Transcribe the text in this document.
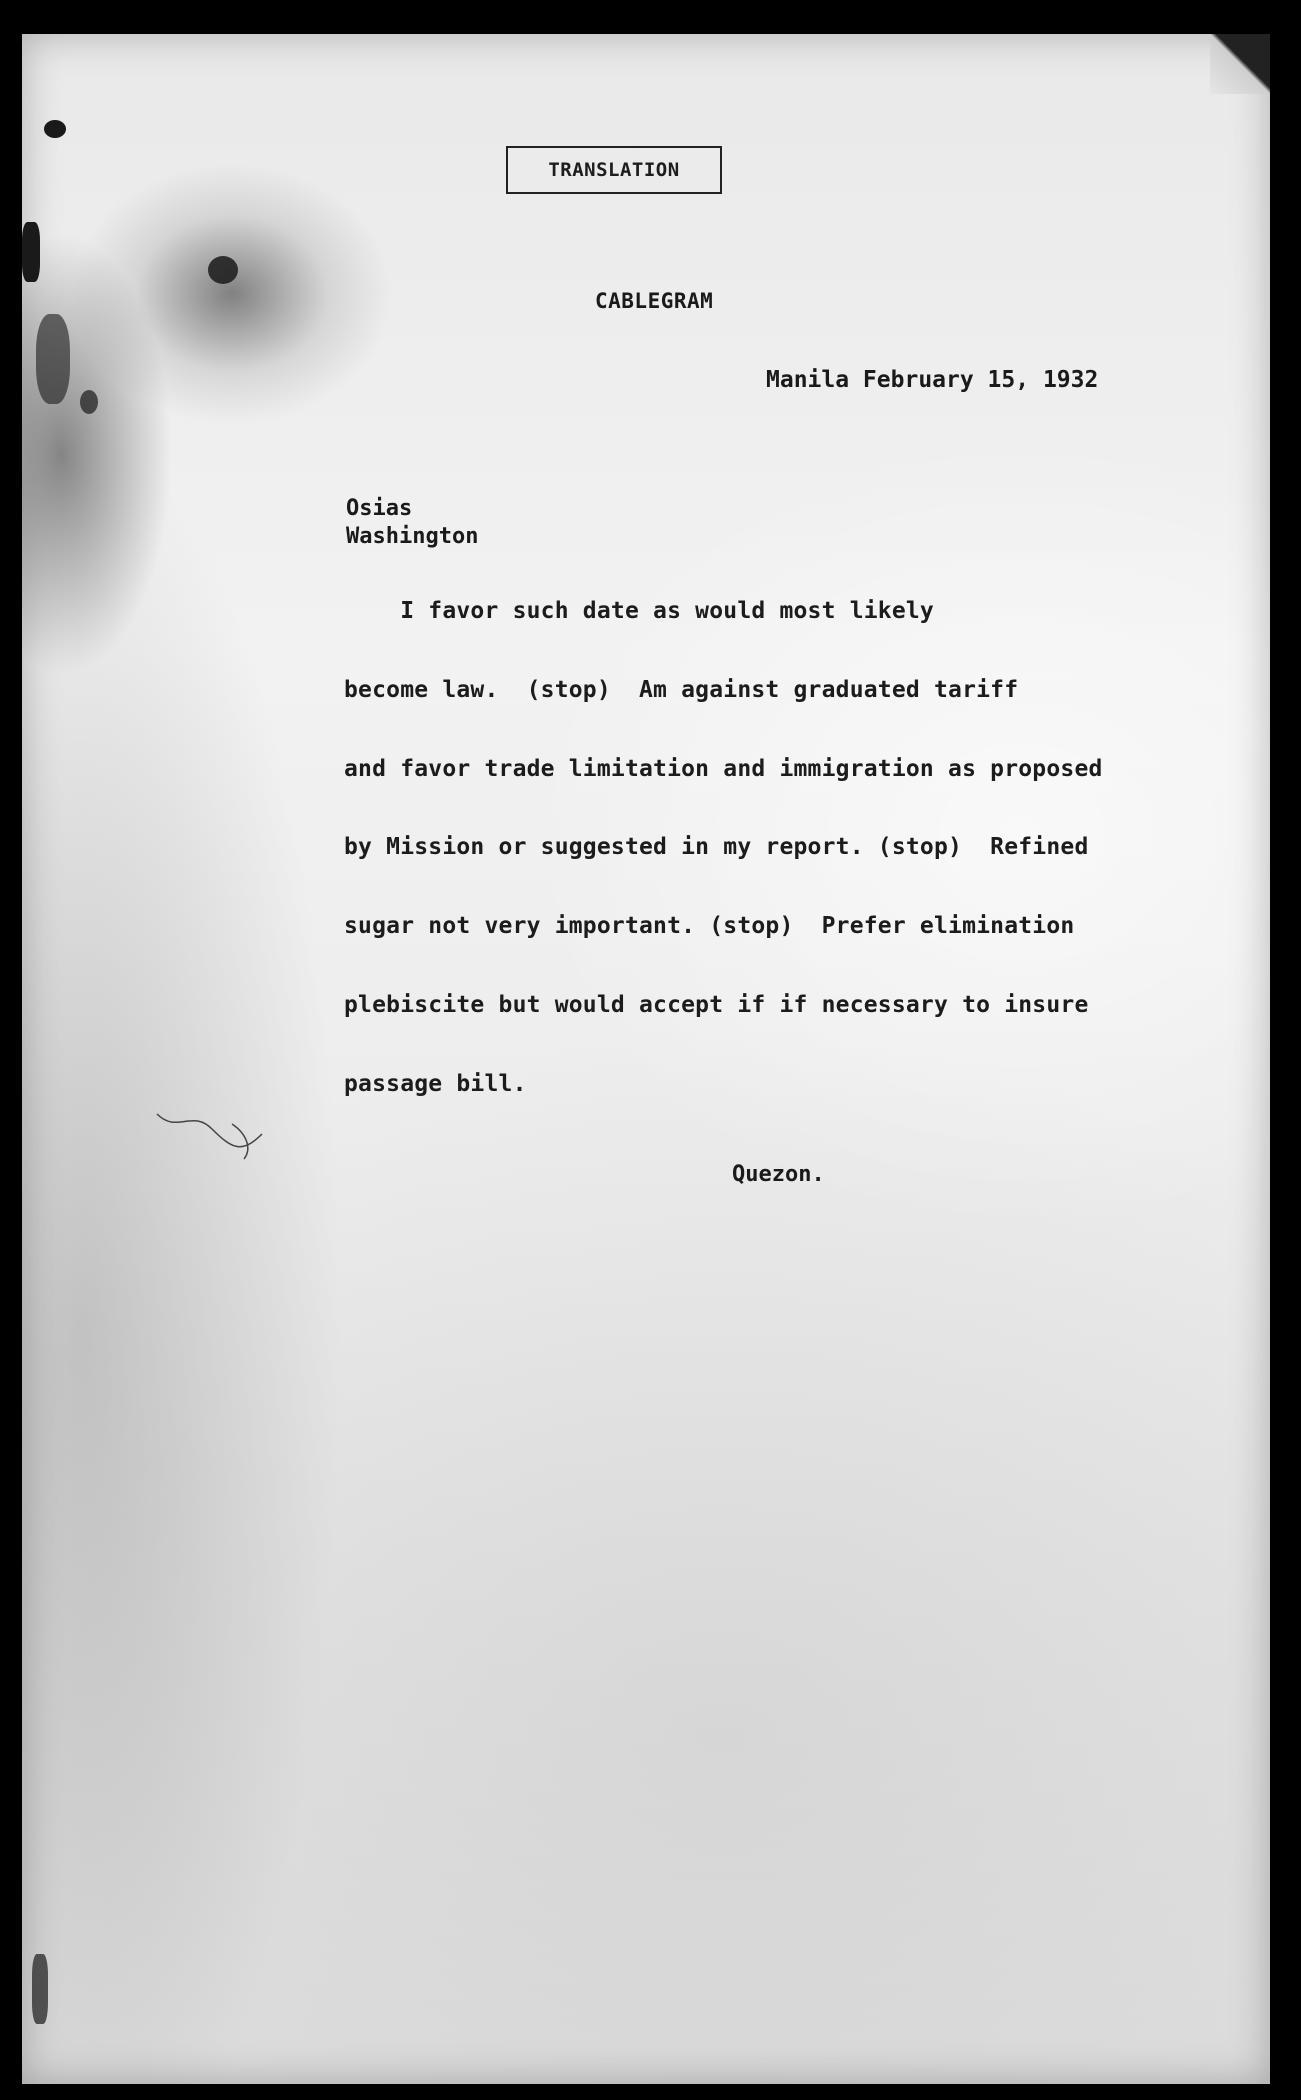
TRANSLATION
CABLEGRAM
Manila February 15, 1932
Osias
Washington
I favor such date as would most likely
become law.  (stop)  Am against graduated tariff
and favor trade limitation and immigration as proposed
by Mission or suggested in my report. (stop)  Refined
sugar not very important. (stop)  Prefer elimination
plebiscite but would accept if if necessary to insure
passage bill.
Quezon.
